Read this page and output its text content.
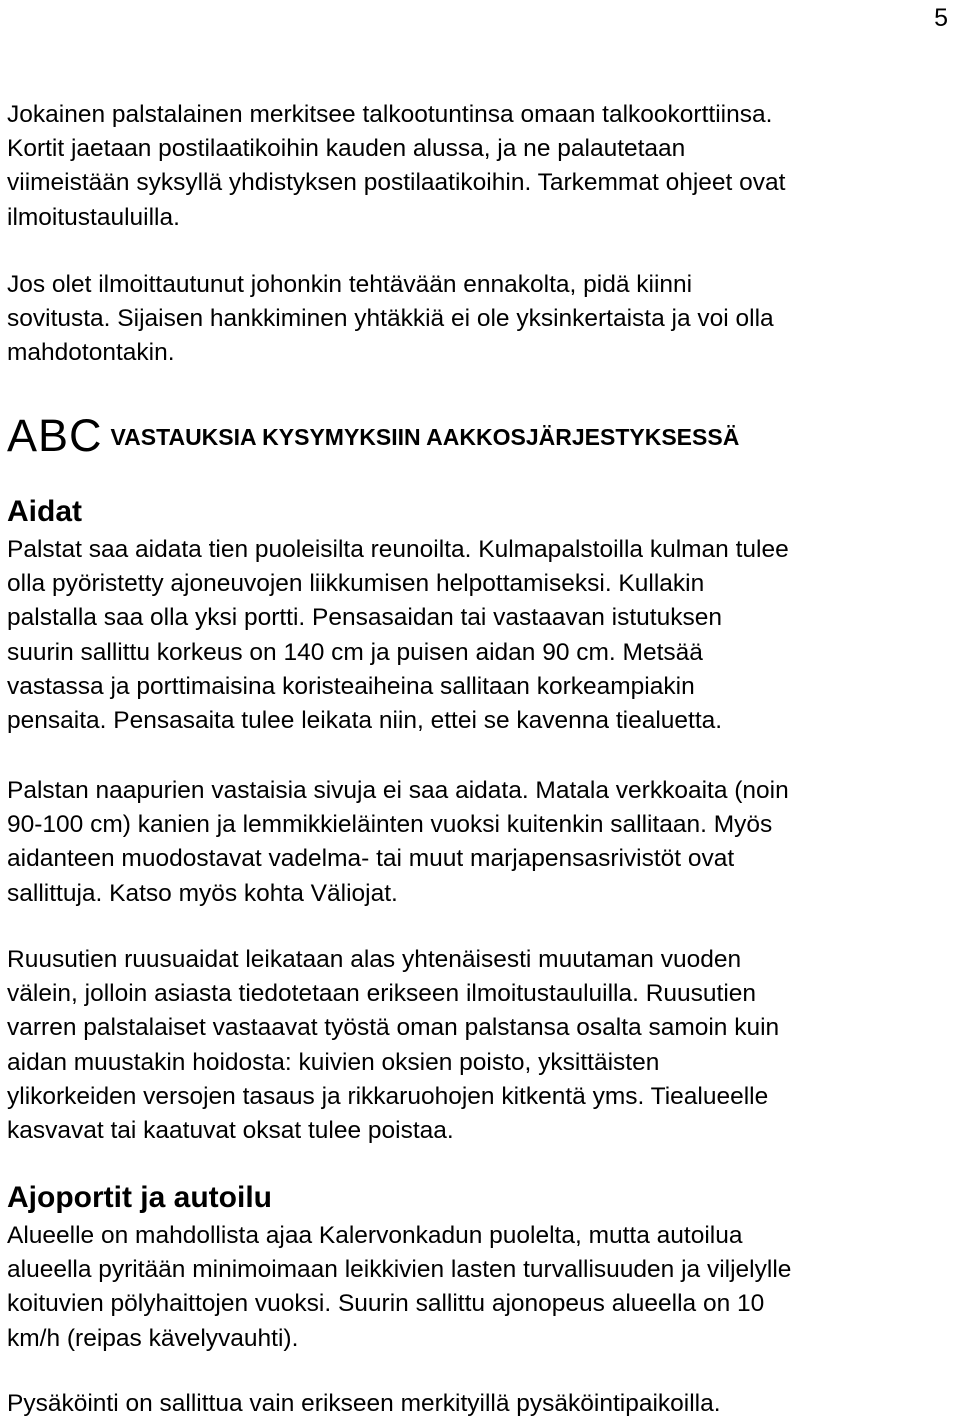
5

Jokainen palstalainen merkitsee talkootuntinsa omaan talkookorttiinsa.
Kortit jaetaan postilaatikoihin kauden alussa, ja ne palautetaan
viimeistään syksyllä yhdistyksen postilaatikoihin. Tarkemmat ohjeet ovat
ilmoitustauluilla.

Jos olet ilmoittautunut johonkin tehtävään ennakolta, pidä kiinni
sovitusta. Sijaisen hankkiminen yhtäkkiä ei ole yksinkertaista ja voi olla
mahdotontakin.

ABC VASTAUKSIA KYSYMYKSIIN AAKKOSJÄRJESTYKSESSÄ
Aidat

Palstat saa aidata tien puoleisilta reunoilta. Kulmapalstoilla kulman tulee
olla pyöristetty ajoneuvojen liikkumisen helpottamiseksi. Kullakin
palstalla saa olla yksi portti. Pensasaidan tai vastaavan istutuksen
suurin sallittu korkeus on 140 cm ja puisen aidan 90 cm. Metsää
vastassa ja porttimaisina koristeaiheina sallitaan korkeampiakin
pensaita. Pensasaita tulee leikata niin, ettei se kavenna tiealuetta.

Palstan naapurien vastaisia sivuja ei saa aidata. Matala verkkoaita (noin
90-100 cm) kanien ja lemmikkieläinten vuoksi kuitenkin sallitaan. Myös
aidanteen muodostavat vadelma- tai muut marjapensasrivistöt ovat
sallittuja. Katso myös kohta Väliojat.

Ruusutien ruusuaidat leikataan alas yhtenäisesti muutaman vuoden
välein, jolloin asiasta tiedotetaan erikseen ilmoitustauluilla. Ruusutien
varren palstalaiset vastaavat työstä oman palstansa osalta samoin kuin
aidan muustakin hoidosta: kuivien oksien poisto, yksittäisten
ylikorkeiden versojen tasaus ja rikkaruohojen kitkentä yms. Tiealueelle
kasvavat tai kaatuvat oksat tulee poistaa.

Ajoportit ja autoilu

Alueelle on mahdollista ajaa Kalervonkadun puolelta, mutta autoilua
alueella pyritään minimoimaan leikkivien lasten turvallisuuden ja viljelylle
koituvien pölyhaittojen vuoksi. Suurin sallittu ajonopeus alueella on 10
km/h (reipas kävelyvauhti).

Pysäköinti on sallittua vain erikseen merkityillä pysäköintipaikoilla.
